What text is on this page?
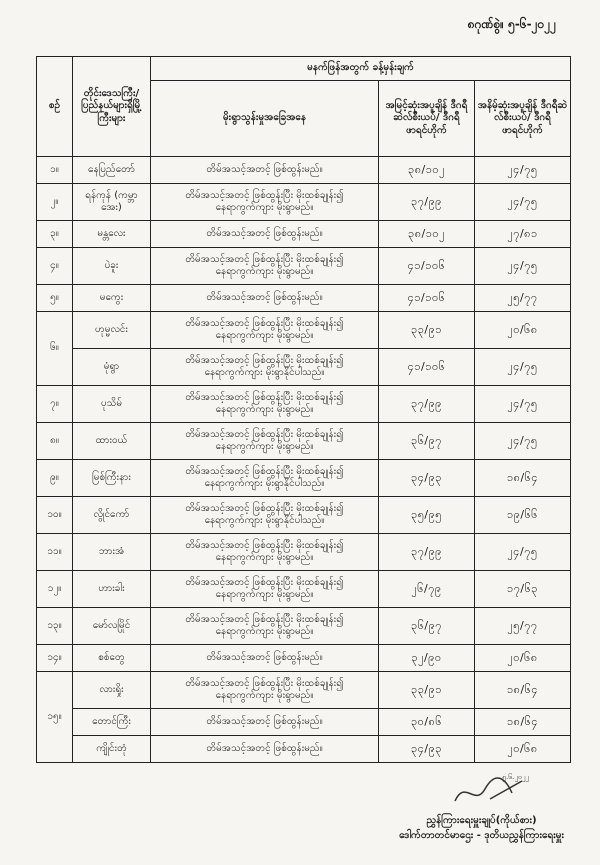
၈ဂုဏ်စွဲ။ ၅-၆-၂၀၂၂
စဉ်	တိုင်းဒေသကြီး/ ပြည်နယ်များရှိမြို့ ကြီးများ	မနက်ဖြန်အတွက် ခန့်မှန်းချက်		
		မိုးရွာသွန်းမှုအခြေအနေ	အမြင့်ဆုံးအပူချိန် ဒီဂရီဆဲလ်စီးယပ်/ ဒီဂရီဖာရင်ဟိုက်	အနိမ့်ဆုံးအပူချိန် ဒီဂရီဆဲလ်စီးယပ်/ ဒီဂရီဖာရင်ဟိုက်
၁။	နေပြည်တော်	တိမ်အသင့်အတင့် ဖြစ်ထွန်းမည်။	၃၈/၁၀၂	၂၄/၇၅
၂။	ရန်ကုန် (ကမ္ဘာအေး)	တိမ်အသင့်အတင့် ဖြစ်ထွန်းပြီး မိုးထစ်ချုန်း၍
နေရာကွက်ကျား မိုးရွာမည်။	၃၇/၉၉	၂၄/၇၅
၃။	မန္တလေး	တိမ်အသင့်အတင့် ဖြစ်ထွန်းမည်။	၃၈/၁၀၂	၂၇/၈၁
၄။	ပဲခူး	တိမ်အသင့်အတင့် ဖြစ်ထွန်းပြီး မိုးထစ်ချုန်း၍
နေရာကွက်ကျား မိုးရွာမည်။	၄၁/၁၀၆	၂၄/၇၅
၅။	မကွေး	တိမ်အသင့်အတင့် ဖြစ်ထွန်းမည်။	၄၁/၁၀၆	၂၅/၇၇
၆။	ဟုမ္မလင်း	တိမ်အသင့်အတင့် ဖြစ်ထွန်းပြီး မိုးထစ်ချုန်း၍
နေရာကွက်ကျား မိုးရွာမည်။	၃၃/၉၁	၂၀/၆၈
	မုံရွာ	တိမ်အသင့်အတင့် ဖြစ်ထွန်းပြီး မိုးထစ်ချုန်း၍
နေရာကွက်ကျား မိုးရွာနိုင်ပါသည်။	၄၁/၁၀၆	၂၄/၇၅
၇။	ပုသိမ်	တိမ်အသင့်အတင့် ဖြစ်ထွန်းပြီး မိုးထစ်ချုန်း၍
နေရာကွက်ကျား မိုးရွာမည်။	၃၇/၉၉	၂၄/၇၅
၈။	ထားဝယ်	တိမ်အသင့်အတင့် ဖြစ်ထွန်းပြီး မိုးထစ်ချုန်း၍
နေရာကွက်ကျား မိုးရွာမည်။	၃၆/၉၇	၂၄/၇၅
၉။	မြစ်ကြီးနား	တိမ်အသင့်အတင့် ဖြစ်ထွန်းပြီး မိုးထစ်ချုန်း၍
နေရာကွက်ကျား မိုးရွာနိုင်ပါသည်။	၃၄/၉၃	၁၈/၆၄
၁၀။	လွိုင်ကော်	တိမ်အသင့်အတင့် ဖြစ်ထွန်းပြီး မိုးထစ်ချုန်း၍
နေရာကွက်ကျား မိုးရွာနိုင်ပါသည်။	၃၅/၉၅	၁၉/၆၆
၁၁။	ဘားအံ	တိမ်အသင့်အတင့် ဖြစ်ထွန်းပြီး မိုးထစ်ချုန်း၍
နေရာကွက်ကျား မိုးရွာမည်။	၃၇/၉၉	၂၄/၇၅
၁၂။	ဟားခါး	တိမ်အသင့်အတင့် ဖြစ်ထွန်းပြီး မိုးထစ်ချုန်း၍
နေရာကွက်ကျား မိုးရွာမည်။	၂၆/၇၉	၁၇/၆၃
၁၃။	မော်လမြိုင်	တိမ်အသင့်အတင့် ဖြစ်ထွန်းပြီး မိုးထစ်ချုန်း၍
နေရာကွက်ကျား မိုးရွာမည်။	၃၆/၉၇	၂၅/၇၇
၁၄။	စစ်တွေ	တိမ်အသင့်အတင့် ဖြစ်ထွန်းမည်။	၃၂/၉၀	၂၀/၆၈
၁၅။	လားရှိုး	တိမ်အသင့်အတင့် ဖြစ်ထွန်းပြီး မိုးထစ်ချုန်း၍
နေရာကွက်ကျား မိုးရွာမည်။	၃၃/၉၁	၁၈/၆၄
	တောင်ကြီး	တိမ်အသင့်အတင့် ဖြစ်ထွန်းမည်။	၃၀/၈၆	၁၈/၆၄
	ကျိုင်းတုံ	တိမ်အသင့်အတင့် ဖြစ်ထွန်းမည်။	၃၄/၉၃	၂၀/၆၈
၅.၆.၂၀၂၂
ညွှန်ကြားရေးမှူးချုပ်(ကိုယ်စား)
ဒေါက်တာတင်မာဌေး - ဒုတိယညွှန်ကြားရေးမှူး
